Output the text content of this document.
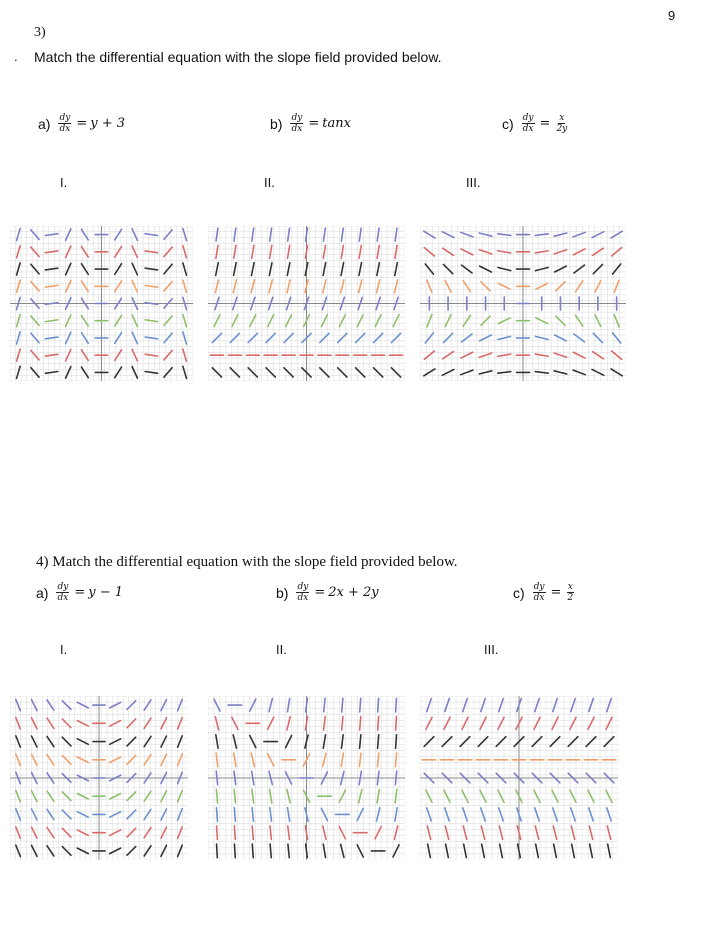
9
3)
. Match the differential equation with the slope field provided below.
$a) \frac{dy}{dx} = y + 3$	$b) \frac{dy}{dx} = \tan x$	$c) \frac{dy}{dx} = \frac{x}{2y}$
I.	II.	III.
4) Match the differential equation with the slope field provided below.
$a) \frac{dy}{dx} = y - 1$	$b) \frac{dy}{dx} = 2x + 2y$	$c) \frac{dy}{dx} = \frac{x}{2}$
I.	II.	III.
